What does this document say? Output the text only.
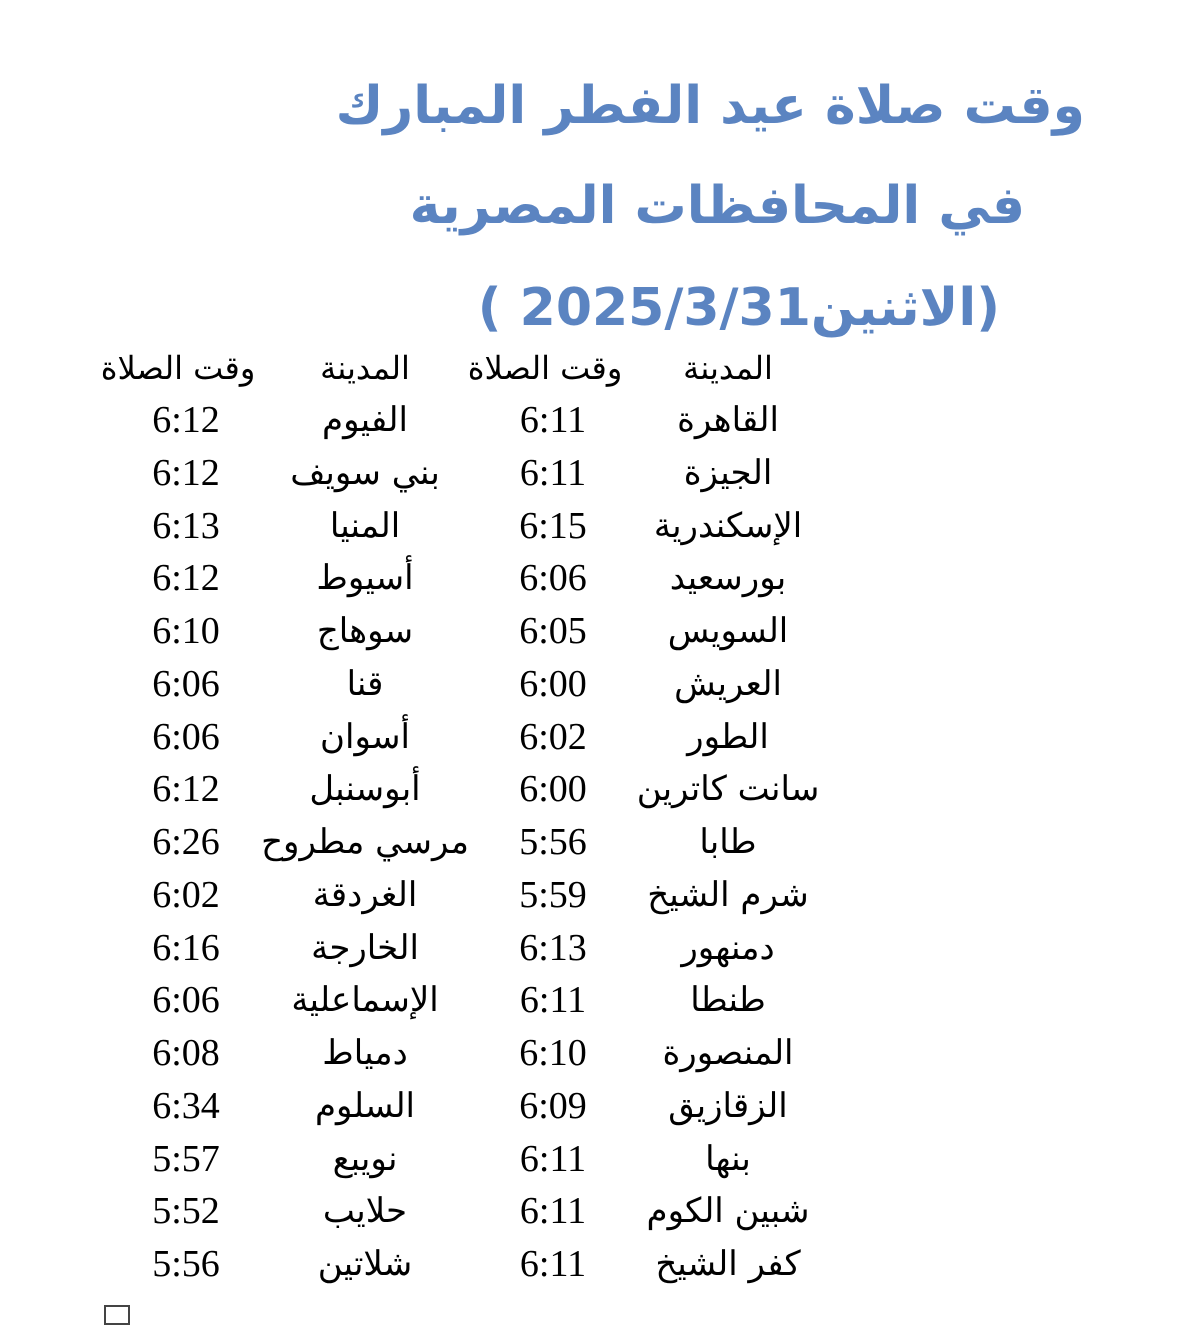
وقت صلاة عيد الفطر المبارك
في المحافظات المصرية
(الاثنين2025/3/31 )
المدينة
وقت الصلاة
المدينة
وقت الصلاة
القاهرة
6:11
الفيوم
6:12
الجيزة
6:11
بني سويف
6:12
الإسكندرية
6:15
المنيا
6:13
بورسعيد
6:06
أسيوط
6:12
السويس
6:05
سوهاج
6:10
العريش
6:00
قنا
6:06
الطور
6:02
أسوان
6:06
سانت كاترين
6:00
أبوسنبل
6:12
طابا
5:56
مرسي مطروح
6:26
شرم الشيخ
5:59
الغردقة
6:02
دمنهور
6:13
الخارجة
6:16
طنطا
6:11
الإسماعلية
6:06
المنصورة
6:10
دمياط
6:08
الزقازيق
6:09
السلوم
6:34
بنها
6:11
نويبع
5:57
شبين الكوم
6:11
حلايب
5:52
كفر الشيخ
6:11
شلاتين
5:56
